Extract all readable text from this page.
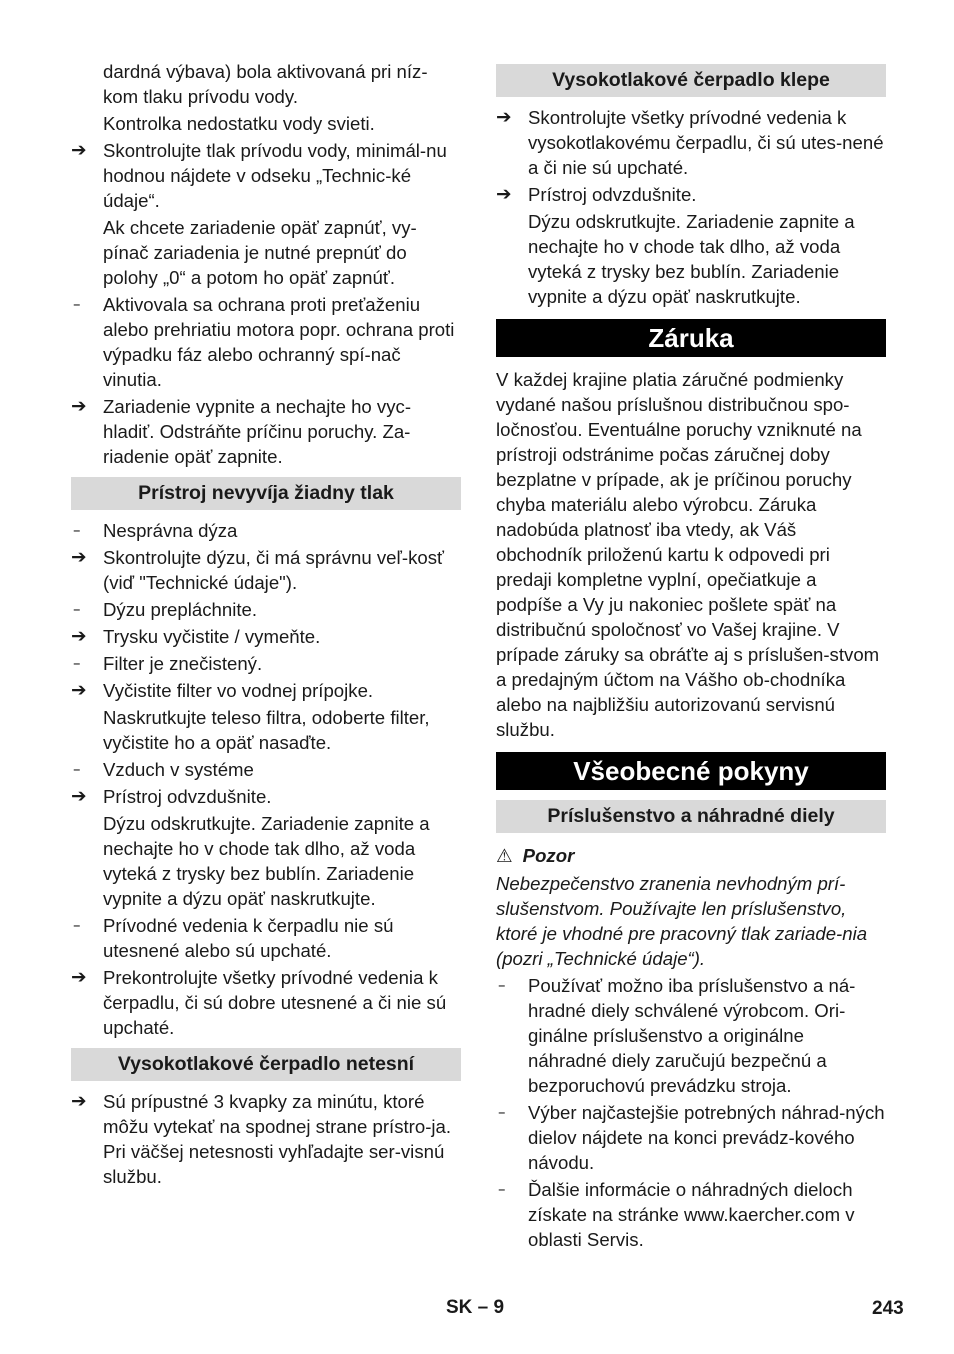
dardná výbava) bola aktivovaná pri níz-kom tlaku prívodu vody.

Kontrolka nedostatku vody svieti.

➔ Skontrolujte tlak prívodu vody, minimál-nu hodnou nájdete v odseku „Technic-ké údaje“.

Ak chcete zariadenie opäť zapnúť, vy-pínač zariadenia je nutné prepnúť do polohy „0“ a potom ho opäť zapnúť.

–	Aktivovala sa ochrana proti preťaženiu alebo prehriatiu motora popr. ochrana proti výpadku fáz alebo ochranný spí-nač vinutia.

➔ Zariadenie vypnite a nechajte ho vyc-hladiť. Odstráňte príčinu poruchy. Za-riadenie opäť zapnite.

Prístroj nevyvíja žiadny tlak

–	Nesprávna dýza

➔ Skontrolujte dýzu, či má správnu veľ-kosť (viď "Technické údaje").

–	Dýzu prepláchnite.

➔ Trysku vyčistite / vymeňte.

–	Filter je znečistený.

➔ Vyčistite filter vo vodnej prípojke.

Naskrutkujte teleso filtra, odoberte filter, vyčistite ho a opäť nasaďte.

–	Vzduch v systéme

➔ Prístroj odvzdušnite.

Dýzu odskrutkujte. Zariadenie zapnite a nechajte ho v chode tak dlho, až voda vyteká z trysky bez bublín. Zariadenie vypnite a dýzu opäť naskrutkujte.

–	Prívodné vedenia k čerpadlu nie sú utesnené alebo sú upchaté.

➔ Prekontrolujte všetky prívodné vedenia k čerpadlu, či sú dobre utesnené a či nie sú upchaté.

Vysokotlakové čerpadlo netesní

➔ Sú prípustné 3 kvapky za minútu, ktoré môžu vytekať na spodnej strane prístro-ja. Pri väčšej netesnosti vyhľadajte ser-visnú službu.

Vysokotlakové čerpadlo klepe

➔ Skontrolujte všetky prívodné vedenia k vysokotlakovému čerpadlu, či sú utes-nené a či nie sú upchaté.

➔ Prístroj odvzdušnite.

Dýzu odskrutkujte. Zariadenie zapnite a nechajte ho v chode tak dlho, až voda vyteká z trysky bez bublín. Zariadenie vypnite a dýzu opäť naskrutkujte.

Záruka

V každej krajine platia záručné podmienky vydané našou príslušnou distribučnou spo-ločnosťou. Eventuálne poruchy vzniknuté na prístroji odstránime počas záručnej doby bezplatne v prípade, ak je príčinou poruchy chyba materiálu alebo výrobcu. Záruka nadobúda platnosť iba vtedy, ak Váš obchodník priloženú kartu k odpovedi pri predaji kompletne vyplní, opečiatkuje a podpíše a Vy ju nakoniec pošlete späť na distribučnú spoločnosť vo Vašej krajine. V prípade záruky sa obráťte aj s príslušen-stvom a predajným účtom na Vášho ob-chodníka alebo na najbližšiu autorizovanú servisnú službu.

Všeobecné pokyny
Príslušenstvo a náhradné diely

⚠ Pozor

Nebezpečenstvo zranenia nevhodným prí-slušenstvom. Používajte len príslušenstvo, ktoré je vhodné pre pracovný tlak zariade-nia (pozri „Technické údaje“).

–	Používať možno iba príslušenstvo a ná-hradné diely schválené výrobcom. Ori-ginálne príslušenstvo a originálne náhradné diely zaručujú bezpečnú a bezporuchovú prevádzku stroja.

–	Výber najčastejšie potrebných náhrad-ných dielov nájdete na konci prevádz-kového návodu.

–	Ďalšie informácie o náhradných dieloch získate na stránke www.kaercher.com v oblasti Servis.

SK – 9	243
